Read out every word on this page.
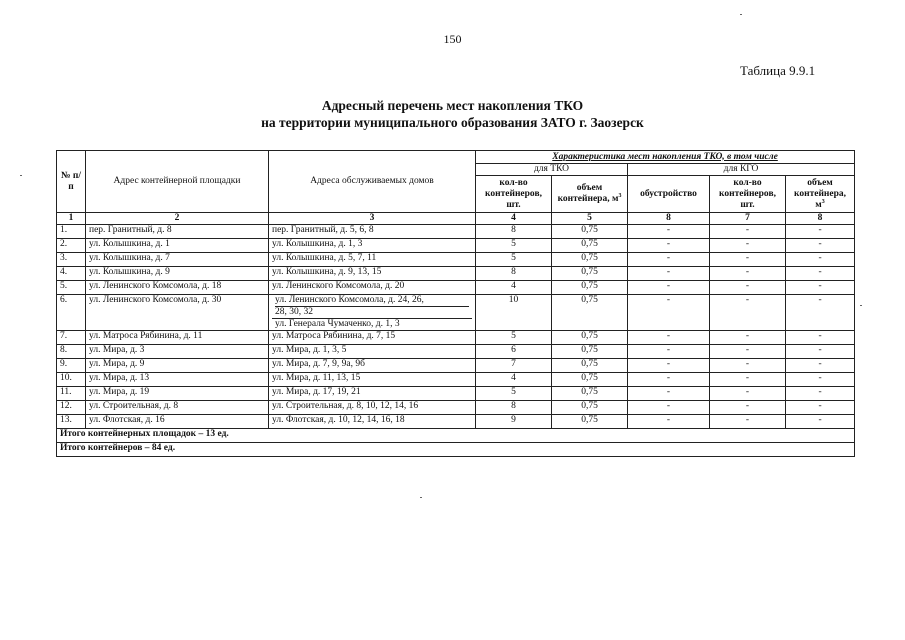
150
Таблица 9.9.1
Адресный перечень мест накопления ТКО
на территории муниципального образования ЗАТО г. Заозерск
№ п/п	Адрес контейнерной площадки	Адреса обслуживаемых домов	Характеристика мест накопления ТКО, в том числе				
			для ТКО		для КГО		
			кол-во контейнеров, шт.	объем контейнера, $м^3$	обустройство	кол-во контейнеров, шт.	объем контейнера, $м^3$
1	2	3	4	5	8	7	8
1.	пер. Гранитный, д. 8	пер. Гранитный, д. 5, 6, 8	8	0,75	-	-	-
2.	ул. Колышкина, д. 1	ул. Колышкина, д. 1, 3	5	0,75	-	-	-
3.	ул. Колышкина, д. 7	ул. Колышкина, д. 5, 7, 11	5	0,75	-	-	-
4.	ул. Колышкина, д. 9	ул. Колышкина, д. 9, 13, 15	8	0,75	-	-	-
5.	ул. Ленинского Комсомола, д. 18	ул. Ленинского Комсомола, д. 20	4	0,75	-	-	-
6.	ул. Ленинского Комсомола, д. 30	ул. Ленинского Комсомола, д. 24, 26,
28, 30, 32
ул. Генерала Чумаченко, д. 1, 3	10	0,75	-	-	-
7.	ул. Матроса Рябинина, д. 11	ул. Матроса Рябинина, д. 7, 15	5	0,75	-	-	-
8.	ул. Мира, д. 3	ул. Мира, д. 1, 3, 5	6	0,75	-	-	-
9.	ул. Мира, д. 9	ул. Мира, д. 7, 9, 9а, 9б	7	0,75	-	-	-
10.	ул. Мира, д. 13	ул. Мира, д. 11, 13, 15	4	0,75	-	-	-
11.	ул. Мира, д. 19	ул. Мира, д. 17, 19, 21	5	0,75	-	-	-
12.	ул. Строительная, д. 8	ул. Строительная, д. 8, 10, 12, 14, 16	8	0,75	-	-	-
13.	ул. Флотская, д. 16	ул. Флотская, д. 10, 12, 14, 16, 18	9	0,75	-	-	-
Итого контейнерных площадок – 13 ед.							
Итого контейнеров – 84 ед.							
